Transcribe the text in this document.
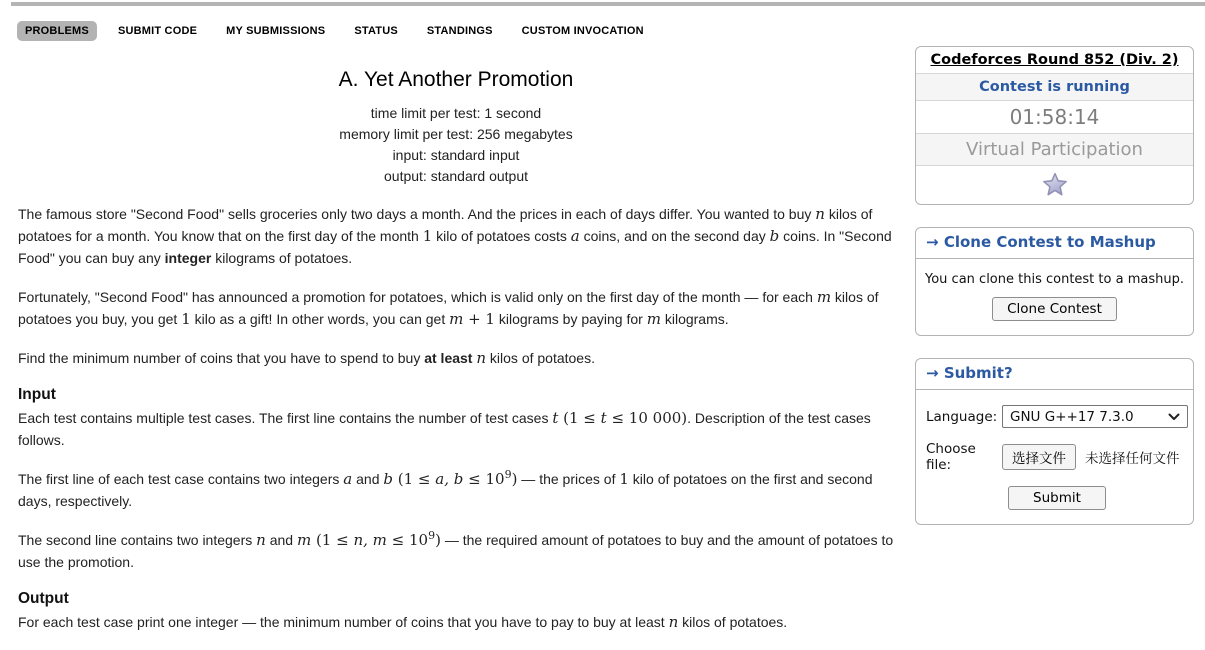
PROBLEMS	SUBMIT CODE	MY SUBMISSIONS	STATUS	STANDINGS	CUSTOM INVOCATION
A. Yet Another Promotion
time limit per test: 1 second
memory limit per test: 256 megabytes
input: standard input
output: standard output

The famous store "Second Food" sells groceries only two days a month. And the prices in each of days differ. You wanted to buy n kilos of potatoes for a month. You know that on the first day of the month 1 kilo of potatoes costs a coins, and on the second day b coins. In "Second Food" you can buy any integer kilograms of potatoes.

Fortunately, "Second Food" has announced a promotion for potatoes, which is valid only on the first day of the month — for each m kilos of potatoes you buy, you get 1 kilo as a gift! In other words, you can get m + 1 kilograms by paying for m kilograms.

Find the minimum number of coins that you have to spend to buy at least n kilos of potatoes.

Input

Each test contains multiple test cases. The first line contains the number of test cases t (1 ≤ t ≤ 10 000). Description of the test cases follows.

The first line of each test case contains two integers a and b (1 ≤ a, $b \le 10^9$) — the prices of 1 kilo of potatoes on the first and second days, respectively.

The second line contains two integers n and m (1 ≤ n, $m \le 10^9$) — the required amount of potatoes to buy and the amount of potatoes to use the promotion.

Output

For each test case print one integer — the minimum number of coins that you have to pay to buy at least n kilos of potatoes.

Codeforces Round 852 (Div. 2)
Contest is running
01:58:14
Virtual Participation
→ Clone Contest to Mashup
You can clone this contest to a mashup.
Clone Contest
→ Submit?
Language: GNU G++17 7.3.0
Choose file:	选择文件	未选择任何文件
Submit
